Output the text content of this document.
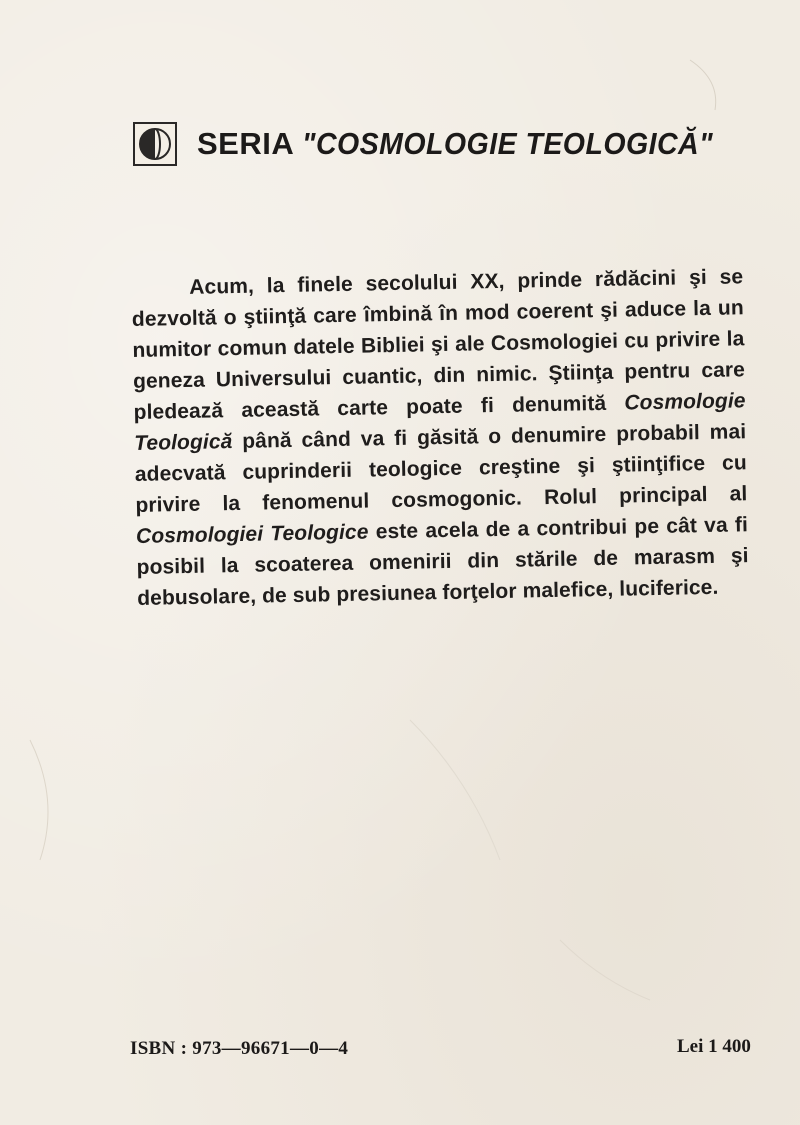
SERIA "COSMOLOGIE TEOLOGICĂ"
Acum, la finele secolului XX, prinde rădăcini şi se dezvoltă o ştiinţă care îmbină în mod coerent şi aduce la un numitor comun datele Bibliei şi ale Cosmologiei cu privire la geneza Universului cuantic, din nimic. Ştiinţa pentru care pledează această carte poate fi denumită Cosmologie Teologică până când va fi găsită o denumire probabil mai adecvată cuprinderii teologice creştine şi ştiinţifice cu privire la fenomenul cosmogonic. Rolul principal al Cosmologiei Teologice este acela de a contribui pe cât va fi posibil la scoaterea omenirii din stările de marasm şi debusolare, de sub presiunea forţelor malefice, luciferice.
ISBN : 973—96671—0—4	Lei 1 400
